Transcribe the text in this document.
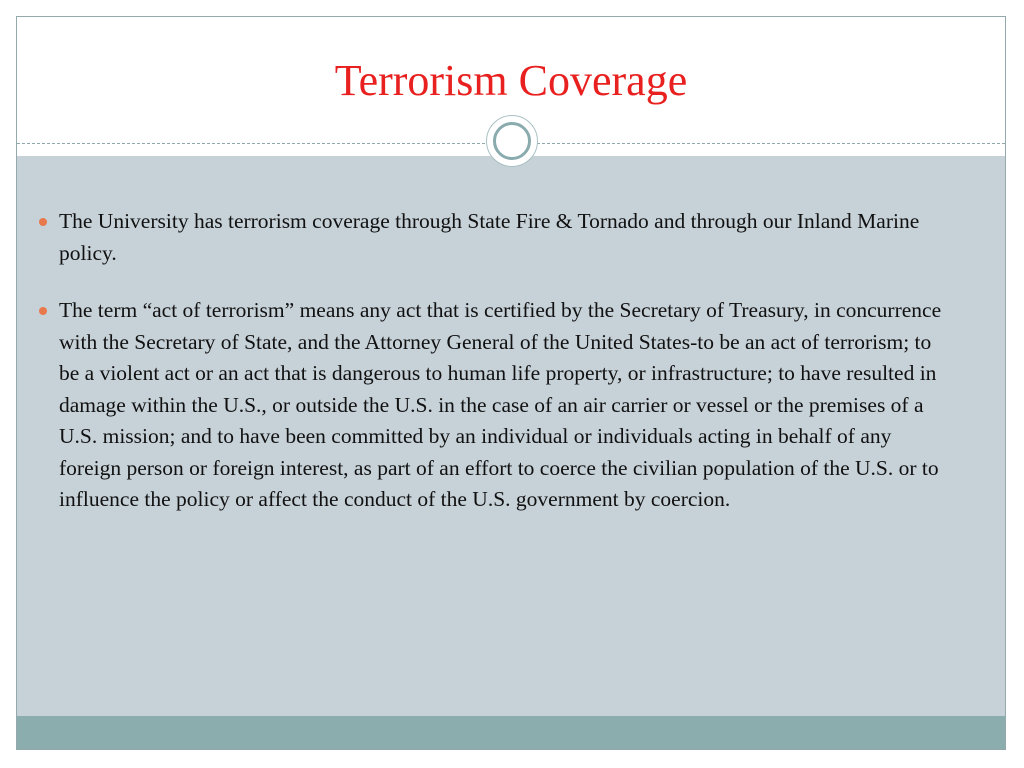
Terrorism Coverage
The University has terrorism coverage through State Fire & Tornado and through our Inland Marine policy.
The term “act of terrorism” means any act that is certified by the Secretary of Treasury, in concurrence with the Secretary of State, and the Attorney General of the United States-to be an act of terrorism; to be a violent act or an act that is dangerous to human life property, or infrastructure; to have resulted in damage within the U.S., or outside the U.S. in the case of an air carrier or vessel or the premises of a U.S. mission; and to have been committed by an individual or individuals acting in behalf of any foreign person or foreign interest, as part of an effort to coerce the civilian population of the U.S. or to influence the policy or affect the conduct of the U.S. government by coercion.
